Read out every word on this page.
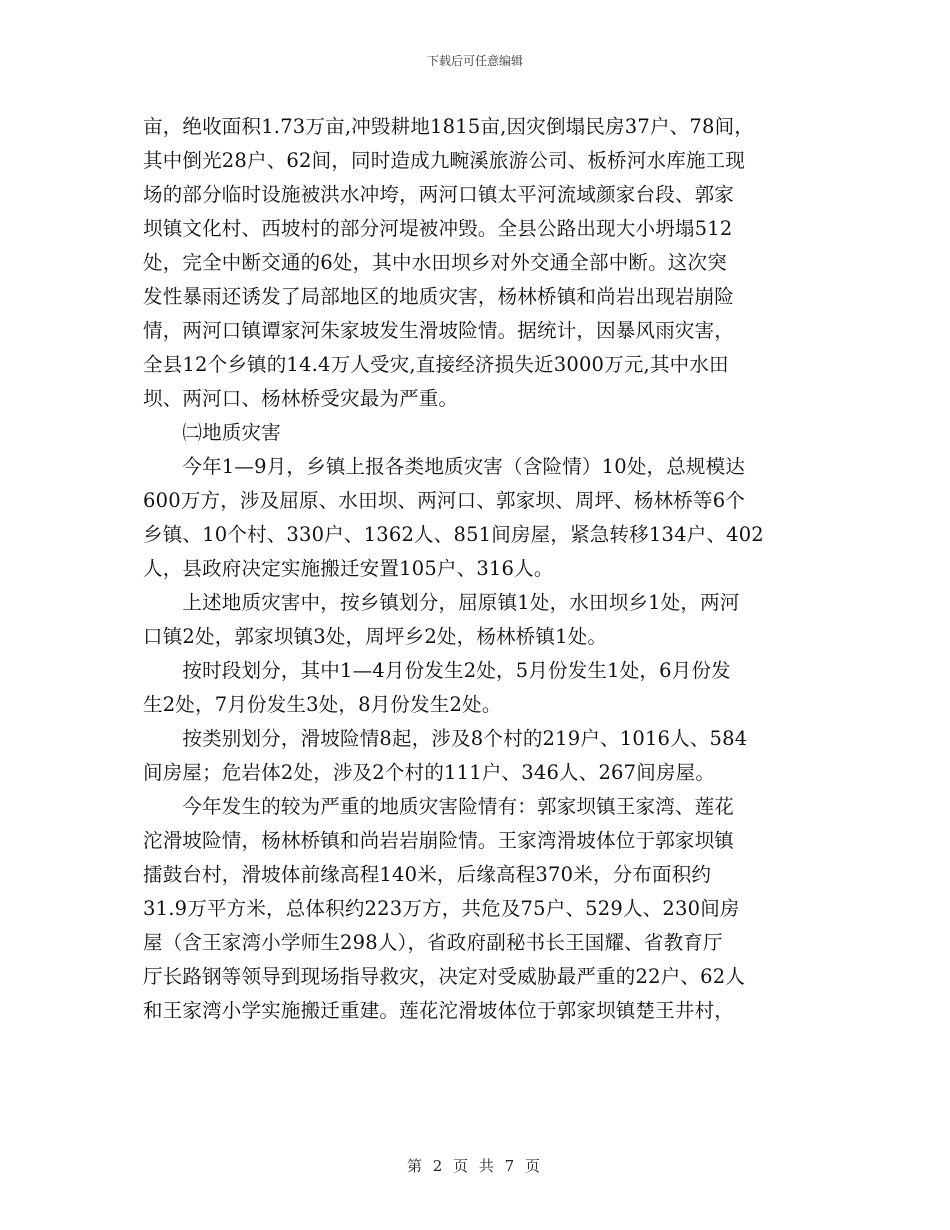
下载后可任意编辑
亩，绝收面积1.73万亩,冲毁耕地1815亩,因灾倒塌民房37户、78间，
其中倒光28户、62间，同时造成九畹溪旅游公司、板桥河水库施工现
场的部分临时设施被洪水冲垮，两河口镇太平河流域颜家台段、郭家
坝镇文化村、西坡村的部分河堤被冲毁。全县公路出现大小坍塌512
处，完全中断交通的6处，其中水田坝乡对外交通全部中断。这次突
发性暴雨还诱发了局部地区的地质灾害，杨林桥镇和尚岩出现岩崩险
情，两河口镇谭家河朱家坡发生滑坡险情。据统计，因暴风雨灾害，
全县12个乡镇的14.4万人受灾,直接经济损失近3000万元,其中水田
坝、两河口、杨林桥受灾最为严重。
　　㈡地质灾害
　　今年1—9月，乡镇上报各类地质灾害（含险情）10处，总规模达
600万方，涉及屈原、水田坝、两河口、郭家坝、周坪、杨林桥等6个
乡镇、10个村、330户、1362人、851间房屋，紧急转移134户、402
人，县政府决定实施搬迁安置105户、316人。
　　上述地质灾害中，按乡镇划分，屈原镇1处，水田坝乡1处，两河
口镇2处，郭家坝镇3处，周坪乡2处，杨林桥镇1处。
　　按时段划分，其中1—4月份发生2处，5月份发生1处，6月份发
生2处，7月份发生3处，8月份发生2处。
　　按类别划分，滑坡险情8起，涉及8个村的219户、1016人、584
间房屋；危岩体2处，涉及2个村的111户、346人、267间房屋。
　　今年发生的较为严重的地质灾害险情有：郭家坝镇王家湾、莲花
沱滑坡险情，杨林桥镇和尚岩岩崩险情。王家湾滑坡体位于郭家坝镇
擂鼓台村，滑坡体前缘高程140米，后缘高程370米，分布面积约
31.9万平方米，总体积约223万方，共危及75户、529人、230间房
屋（含王家湾小学师生298人），省政府副秘书长王国耀、省教育厅
厅长路钢等领导到现场指导救灾，决定对受威胁最严重的22户、62人
和王家湾小学实施搬迁重建。莲花沱滑坡体位于郭家坝镇楚王井村，
第 2 页 共 7 页
